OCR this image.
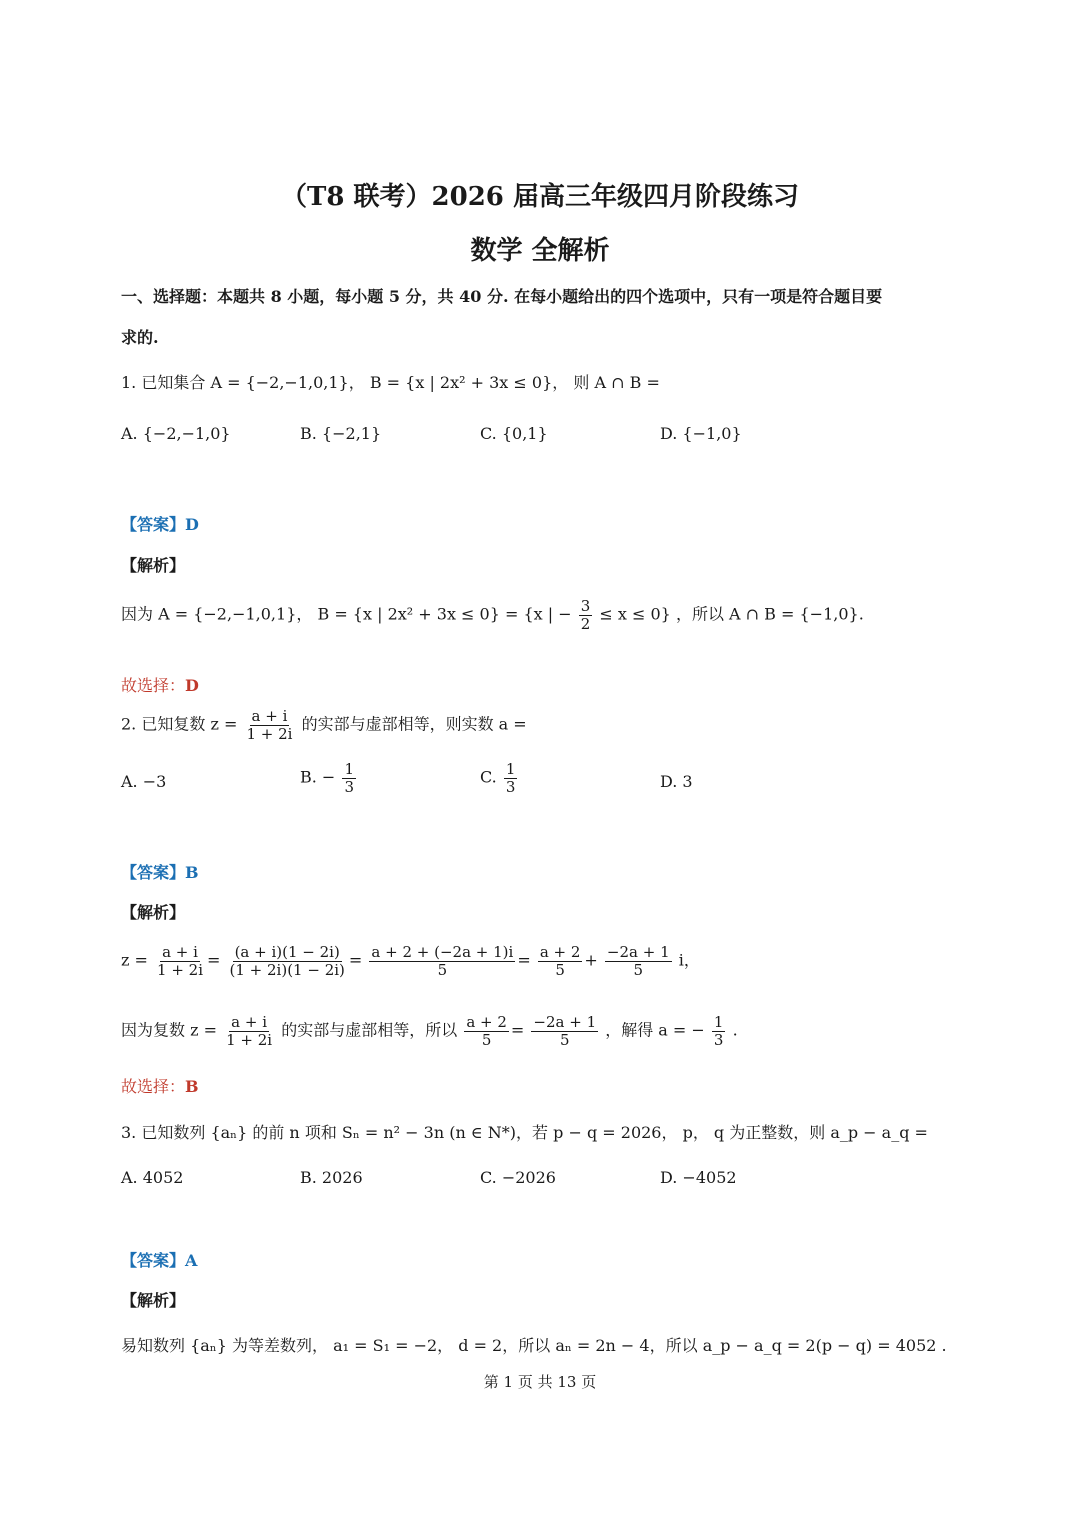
（T8 联考）2026 届高三年级四月阶段练习
数学 全解析
一、选择题：本题共 8 小题，每小题 5 分，共 40 分. 在每小题给出的四个选项中，只有一项是符合题目要
求的.
1. 已知集合 A = {−2,−1,0,1}， B = {x | 2x² + 3x ≤ 0}， 则 A ∩ B =
A. {−2,−1,0}	B. {−2,1}	C. {0,1}	D. {−1,0}
【答案】D
【解析】
因为 A = {−2,−1,0,1}， B = {x | 2x² + 3x ≤ 0} = {x | − $\frac{3}{2} \le x \le 0$} ，所以 A ∩ B = {−1,0}.
故选择：D
2. 已知复数 $z = \frac{a + i}{1 + 2i}$ 的实部与虚部相等，则实数 a =
A. −3	B. − $\frac{1}{3}$	C. $\frac{1}{3}$	D. 3
【答案】B
【解析】
$z = \frac{a + i}{1 + 2i} = \frac{(a + i)(1 - 2i)}{(1 + 2i)(1 - 2i)} = \frac{a + 2 + (-2a + 1)i}{5} = \frac{a + 2}{5} + \frac{-2a + 1}{5}$ i，
因为复数 $z = \frac{a + i}{1 + 2i}$ 的实部与虚部相等，所以 $\frac{a + 2}{5} = \frac{-2a + 1}{5}$ ，解得 a = − $\frac{1}{3}$ .
故选择：B
3. 已知数列 {aₙ} 的前 n 项和 Sₙ = n² − 3n (n ∈ N*)，若 p − q = 2026， p， q 为正整数，则 a_p − a_q =
A. 4052	B. 2026	C. −2026	D. −4052
【答案】A
【解析】
易知数列 {aₙ} 为等差数列， a₁ = S₁ = −2， d = 2，所以 aₙ = 2n − 4，所以 a_p − a_q = 2(p − q) = 4052 .
第 1 页 共 13 页
